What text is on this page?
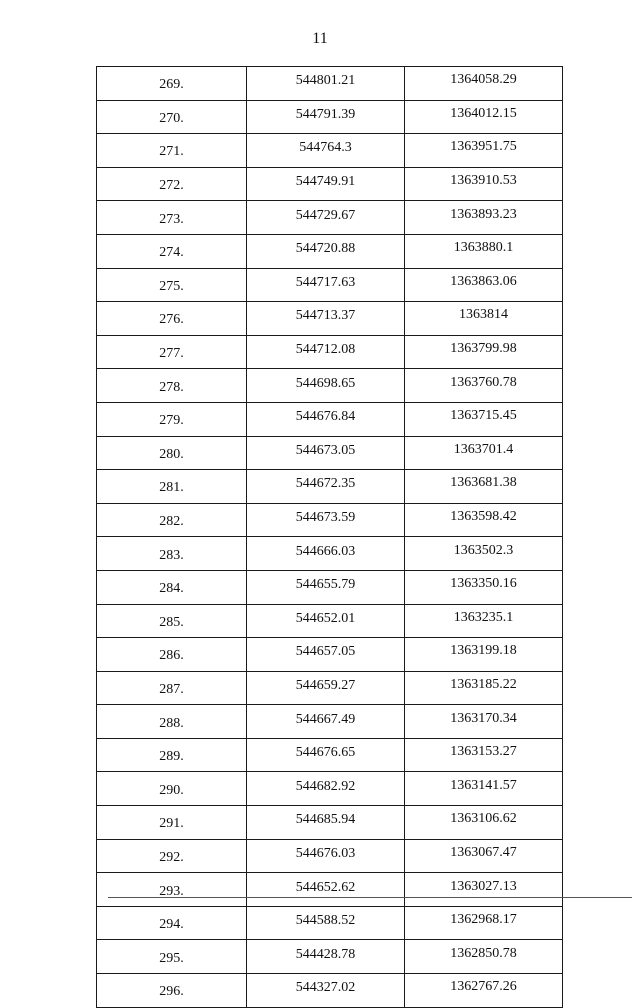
11
269.	544801.21	1364058.29
270.	544791.39	1364012.15
271.	544764.3	1363951.75
272.	544749.91	1363910.53
273.	544729.67	1363893.23
274.	544720.88	1363880.1
275.	544717.63	1363863.06
276.	544713.37	1363814
277.	544712.08	1363799.98
278.	544698.65	1363760.78
279.	544676.84	1363715.45
280.	544673.05	1363701.4
281.	544672.35	1363681.38
282.	544673.59	1363598.42
283.	544666.03	1363502.3
284.	544655.79	1363350.16
285.	544652.01	1363235.1
286.	544657.05	1363199.18
287.	544659.27	1363185.22
288.	544667.49	1363170.34
289.	544676.65	1363153.27
290.	544682.92	1363141.57
291.	544685.94	1363106.62
292.	544676.03	1363067.47
293.	544652.62	1363027.13
294.	544588.52	1362968.17
295.	544428.78	1362850.78
296.	544327.02	1362767.26
